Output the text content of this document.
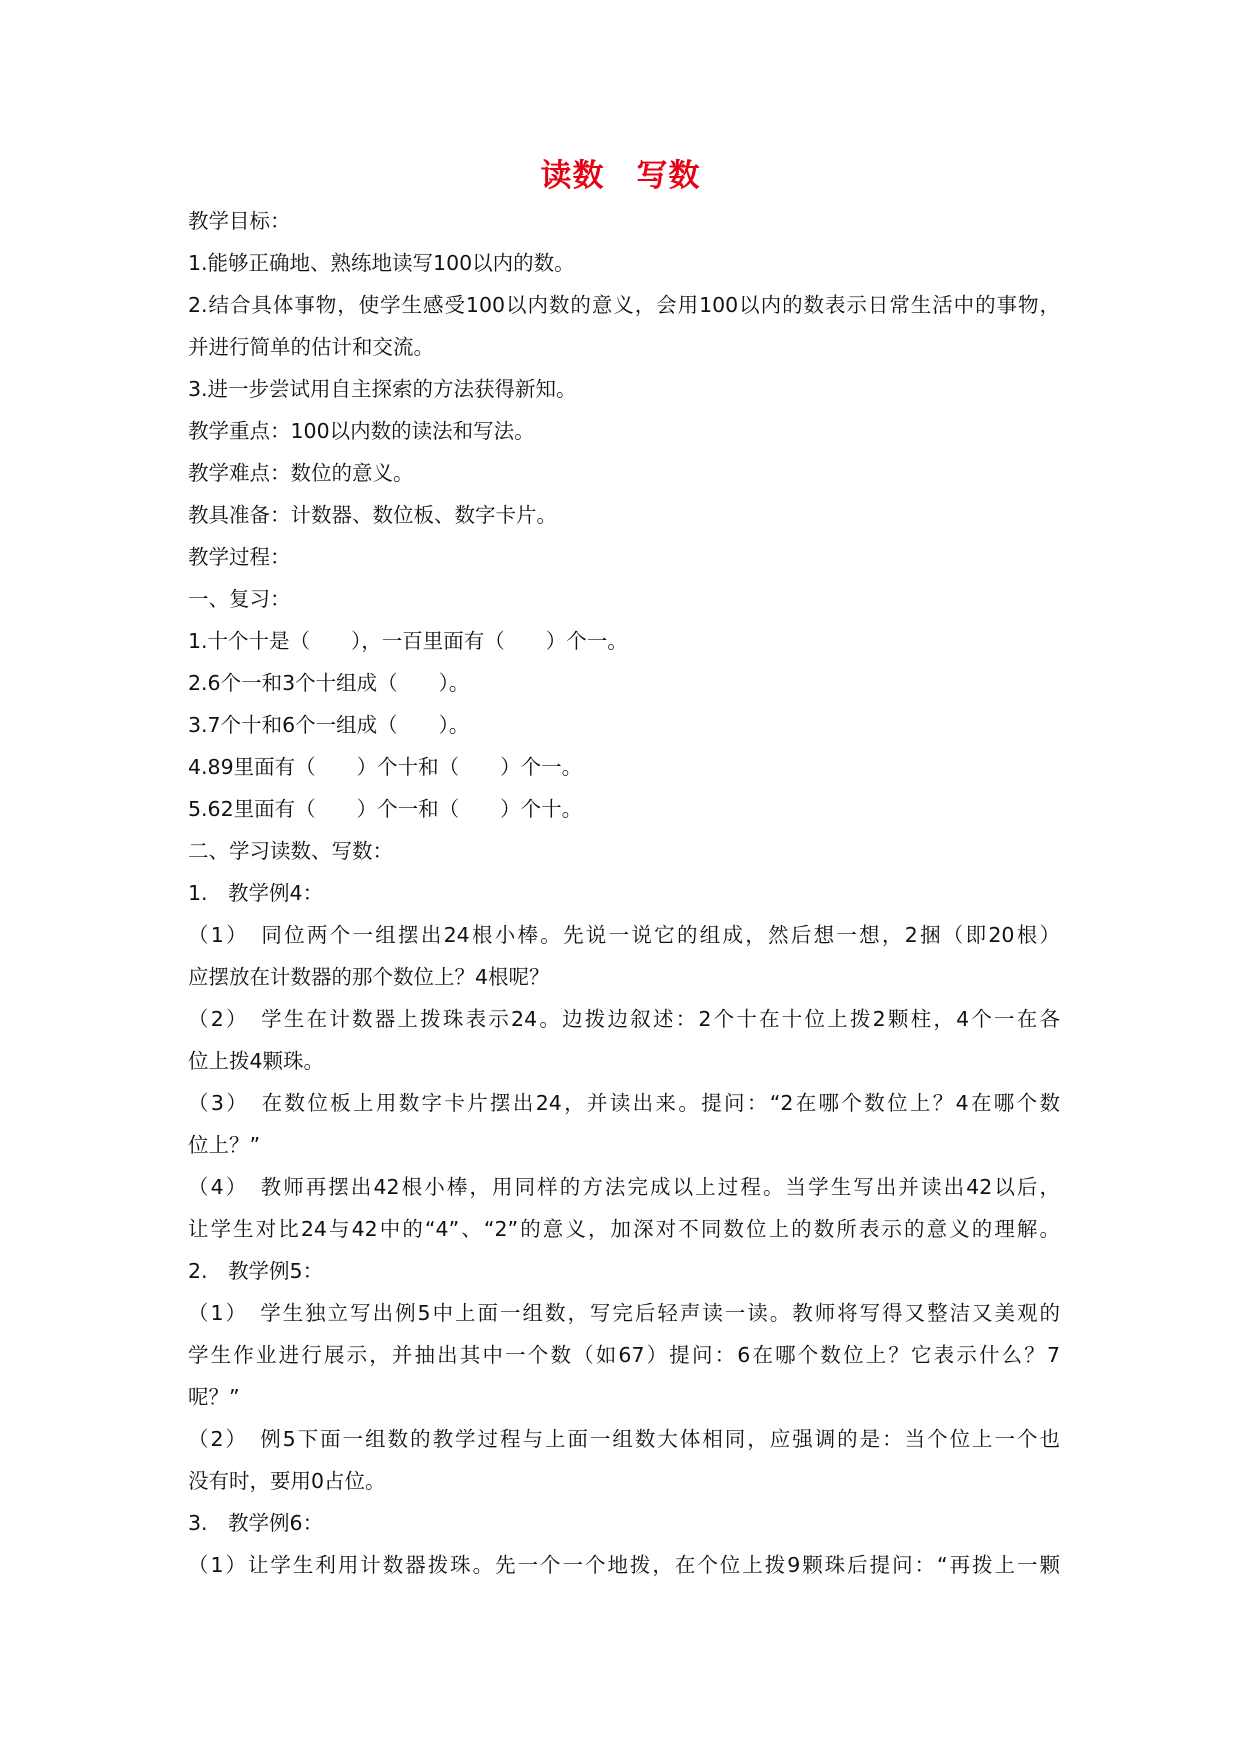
读数　写数
教学目标：
1.能够正确地、熟练地读写100以内的数。
2.结合具体事物，使学生感受100以内数的意义，会用100以内的数表示日常生活中的事物，
并进行简单的估计和交流。
3.进一步尝试用自主探索的方法获得新知。
教学重点：100以内数的读法和写法。
教学难点：数位的意义。
教具准备：计数器、数位板、数字卡片。
教学过程：
一、复习：
1.十个十是（　　），一百里面有（　　）个一。
2.6个一和3个十组成（　　）。
3.7个十和6个一组成（　　）。
4.89里面有（　　）个十和（　　）个一。
5.62里面有（　　）个一和（　　）个十。
二、学习读数、写数：
1.　教学例4：
（1）　同位两个一组摆出24根小棒。先说一说它的组成，然后想一想，2捆（即20根）
应摆放在计数器的那个数位上？4根呢？
（2）　学生在计数器上拨珠表示24。边拨边叙述：2个十在十位上拨2颗柱，4个一在各
位上拨4颗珠。
（3）　在数位板上用数字卡片摆出24，并读出来。提问：“2在哪个数位上？4在哪个数
位上？”
（4）　教师再摆出42根小棒，用同样的方法完成以上过程。当学生写出并读出42以后，
让学生对比24与42中的“4”、“2”的意义，加深对不同数位上的数所表示的意义的理解。
2.　教学例5：
（1）　学生独立写出例5中上面一组数，写完后轻声读一读。教师将写得又整洁又美观的
学生作业进行展示，并抽出其中一个数（如67）提问：6在哪个数位上？它表示什么？7
呢？”
（2）　例5下面一组数的教学过程与上面一组数大体相同，应强调的是：当个位上一个也
没有时，要用0占位。
3.　教学例6：
（1）让学生利用计数器拨珠。先一个一个地拨，在个位上拨9颗珠后提问：“再拨上一颗
